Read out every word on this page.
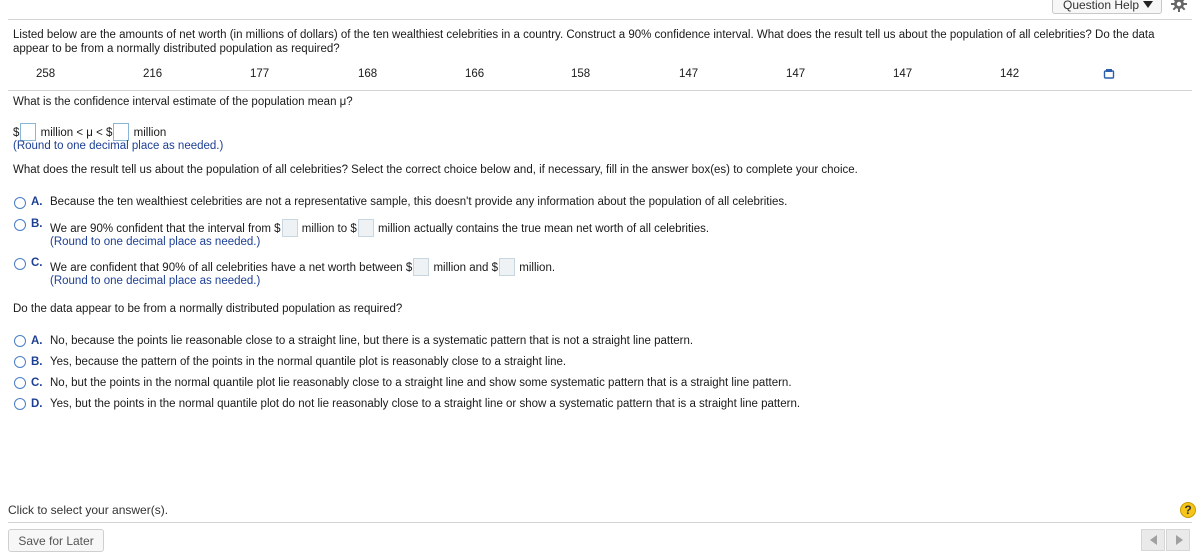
Question Help
Listed below are the amounts of net worth (in millions of dollars) of the ten wealthiest celebrities in a country. Construct a 90% confidence interval. What does the result tell us about the population of all celebrities? Do the data appear to be from a normally distributed population as required?
258	216	177	168	166	158	147	147	147	142
What is the confidence interval estimate of the population mean μ?
$ million < μ < $ million
(Round to one decimal place as needed.)
What does the result tell us about the population of all celebrities? Select the correct choice below and, if necessary, fill in the answer box(es) to complete your choice.
A. Because the ten wealthiest celebrities are not a representative sample, this doesn't provide any information about the population of all celebrities.
B. We are 90% confident that the interval from $ million to $ million actually contains the true mean net worth of all celebrities.
(Round to one decimal place as needed.)
C. We are confident that 90% of all celebrities have a net worth between $ million and $ million.
(Round to one decimal place as needed.)
Do the data appear to be from a normally distributed population as required?
A. No, because the points lie reasonable close to a straight line, but there is a systematic pattern that is not a straight line pattern.
B. Yes, because the pattern of the points in the normal quantile plot is reasonably close to a straight line.
C. No, but the points in the normal quantile plot lie reasonably close to a straight line and show some systematic pattern that is a straight line pattern.
D. Yes, but the points in the normal quantile plot do not lie reasonably close to a straight line or show a systematic pattern that is a straight line pattern.
Click to select your answer(s).	?
Save for Later
